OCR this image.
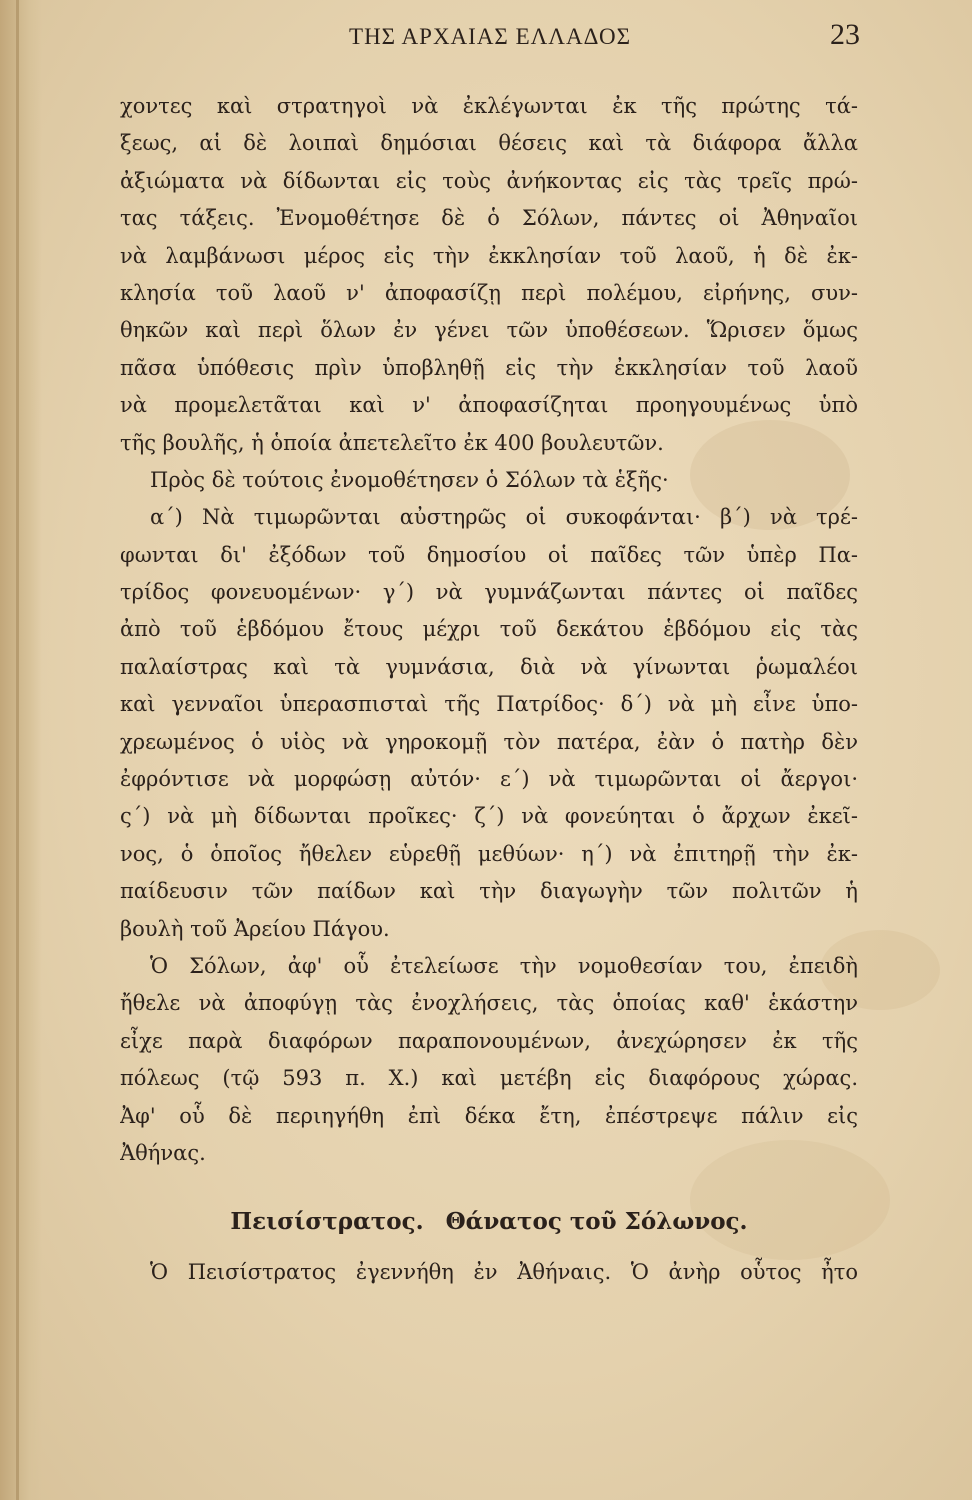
ΤΗΣ ΑΡΧΑΙΑΣ ΕΛΛΑΔΟΣ	23
χοντες καὶ στρατηγοὶ νὰ ἐκλέγωνται ἐκ τῆς πρώτης τά-
ξεως, αἱ δὲ λοιπαὶ δημόσιαι θέσεις καὶ τὰ διάφορα ἄλλα
ἀξιώματα νὰ δίδωνται εἰς τοὺς ἀνήκοντας εἰς τὰς τρεῖς πρώ-
τας τάξεις. Ἐνομοθέτησε δὲ ὁ Σόλων, πάντες οἱ Ἀθηναῖοι
νὰ λαμβάνωσι μέρος εἰς τὴν ἐκκλησίαν τοῦ λαοῦ, ἡ δὲ ἐκ-
κλησία τοῦ λαοῦ ν' ἀποφασίζῃ περὶ πολέμου, εἰρήνης, συν-
θηκῶν καὶ περὶ ὅλων ἐν γένει τῶν ὑποθέσεων. Ὥρισεν ὅμως
πᾶσα ὑπόθεσις πρὶν ὑποβληθῇ εἰς τὴν ἐκκλησίαν τοῦ λαοῦ
νὰ προμελετᾶται καὶ ν' ἀποφασίζηται προηγουμένως ὑπὸ
τῆς βουλῆς, ἡ ὁποία ἀπετελεῖτο ἐκ 400 βουλευτῶν.
Πρὸς δὲ τούτοις ἐνομοθέτησεν ὁ Σόλων τὰ ἑξῆς·
α΄) Νὰ τιμωρῶνται αὐστηρῶς οἱ συκοφάνται· β΄) νὰ τρέ-
φωνται δι' ἐξόδων τοῦ δημοσίου οἱ παῖδες τῶν ὑπὲρ Πα-
τρίδος φονευομένων· γ΄) νὰ γυμνάζωνται πάντες οἱ παῖδες
ἀπὸ τοῦ ἑβδόμου ἔτους μέχρι τοῦ δεκάτου ἑβδόμου εἰς τὰς
παλαίστρας καὶ τὰ γυμνάσια, διὰ νὰ γίνωνται ῥωμαλέοι
καὶ γενναῖοι ὑπερασπισταὶ τῆς Πατρίδος· δ΄) νὰ μὴ εἶνε ὑπο-
χρεωμένος ὁ υἱὸς νὰ γηροκομῇ τὸν πατέρα, ἐὰν ὁ πατὴρ δὲν
ἐφρόντισε νὰ μορφώσῃ αὐτόν· ε΄) νὰ τιμωρῶνται οἱ ἄεργοι·
ς΄) νὰ μὴ δίδωνται προῖκες· ζ΄) νὰ φονεύηται ὁ ἄρχων ἐκεῖ-
νος, ὁ ὁποῖος ἤθελεν εὑρεθῇ μεθύων· η΄) νὰ ἐπιτηρῇ τὴν ἐκ-
παίδευσιν τῶν παίδων καὶ τὴν διαγωγὴν τῶν πολιτῶν ἡ
βουλὴ τοῦ Ἀρείου Πάγου.
Ὁ Σόλων, ἀφ' οὗ ἐτελείωσε τὴν νομοθεσίαν του, ἐπειδὴ
ἤθελε νὰ ἀποφύγῃ τὰς ἐνοχλήσεις, τὰς ὁποίας καθ' ἑκάστην
εἶχε παρὰ διαφόρων παραπονουμένων, ἀνεχώρησεν ἐκ τῆς
πόλεως (τῷ 593 π. Χ.) καὶ μετέβη εἰς διαφόρους χώρας.
Ἀφ' οὗ δὲ περιηγήθη ἐπὶ δέκα ἔτη, ἐπέστρεψε πάλιν εἰς
Ἀθήνας.
Πεισίστρατος. Θάνατος τοῦ Σόλωνος.
Ὁ Πεισίστρατος ἐγεννήθη ἐν Ἀθήναις. Ὁ ἀνὴρ οὗτος ἦτο
